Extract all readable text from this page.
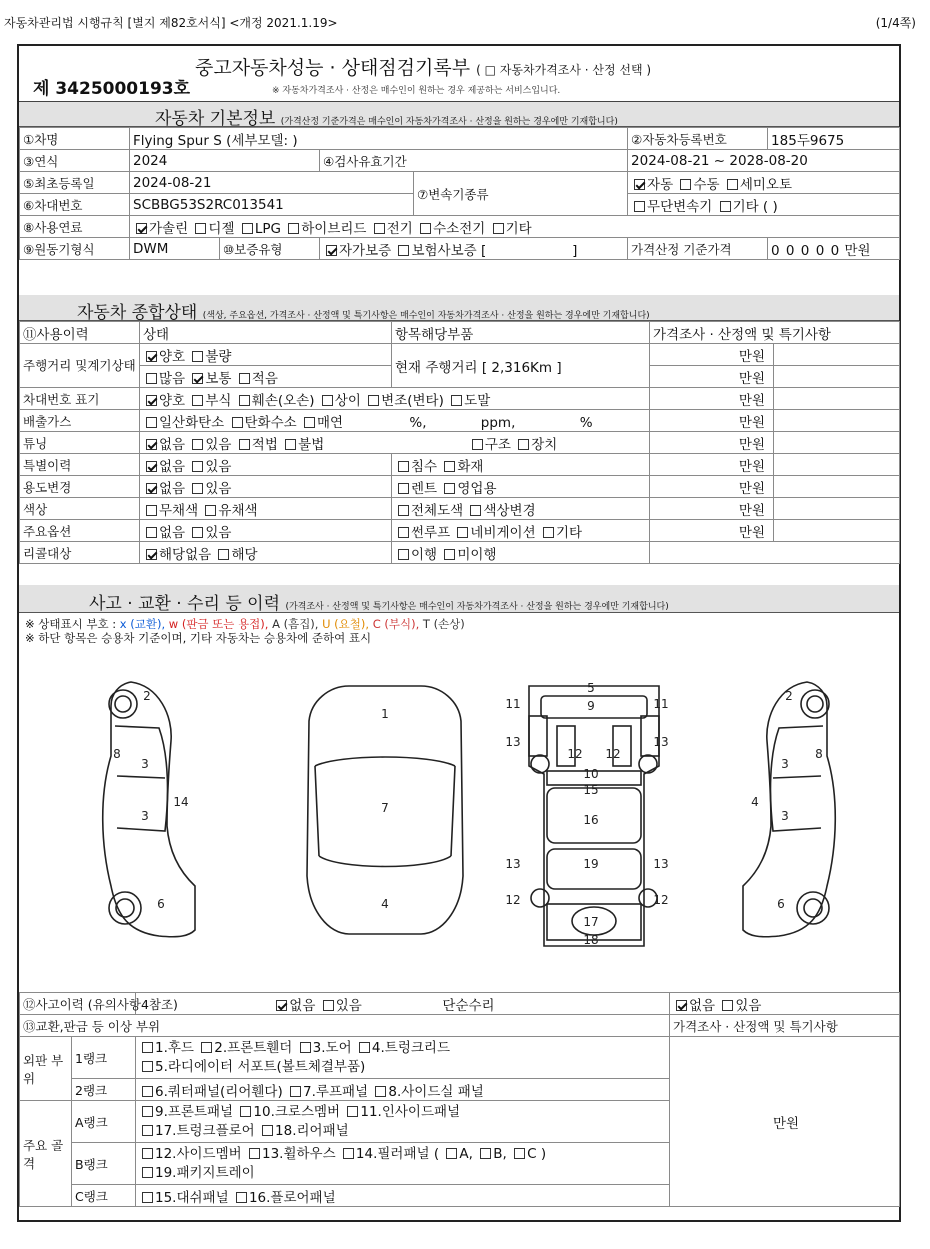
자동차관리법 시행규칙 [별지 제82호서식] <개정 2021.1.19>	(1/4쪽)
제 3425000193호
중고자동차성능 · 상태점검기록부 ( □ 자동차가격조사 · 산정 선택 )
※ 자동차가격조사 · 산정은 매수인이 원하는 경우 제공하는 서비스입니다.
자동차 기본정보 (가격산정 기준가격은 매수인이 자동차가격조사 · 산정을 원하는 경우에만 기재합니다)
①차명	Flying Spur S (세부모델: )				②자동차등록번호	185두9675
③연식	2024		④검사유효기간		2024-08-21 ~ 2028-08-20	
⑤최초등록일	2024-08-21			⑦변속기종류	자동 수동 세미오토	
⑥차대번호	SCBBG53S2RC013541				무단변속기 기타 ( )	
⑧사용연료	가솔린 디젤 LPG 하이브리드 전기 수소전기 기타					
⑨원동기형식	DWM	⑩보증유형	자가보증 보험사보증 [                    ]		가격산정 기준가격	0 0 0 0 0 만원
자동차 종합상태 (색상, 주요옵션, 가격조사 · 산정액 및 특기사항은 매수인이 자동차가격조사 · 산정을 원하는 경우에만 기재합니다)
⑪사용이력	상태	항목해당부품	가격조사 · 산정액 및 특기사항	
주행거리 및계기상태	양호 불량	현재 주행거리 [ 2,316Km ]	만원	
	많음 보통 적음		만원	
차대번호 표기	양호 부식 훼손(오손) 상이 변조(변타) 도말		만원	
배출가스	일산화탄소 탄화수소 매연 %, ppm, %		만원	
튜닝	없음 있음 적법 불법 구조 장치		만원	
특별이력	없음 있음	침수 화재	만원	
용도변경	없음 있음	렌트 영업용	만원	
색상	무채색 유채색	전체도색 색상변경	만원	
주요옵션	없음 있음	썬루프 네비게이션 기타	만원	
리콜대상	해당없음 해당	이행 미이행		
사고 · 교환 · 수리 등 이력 (가격조사 · 산정액 및 특기사항은 매수인이 자동차가격조사 · 산정을 원하는 경우에만 기재합니다)
※ 상태표시 부호 : x (교환), w (판금 또는 용접), A (흠집), U (요철), C (부식), T (손상)
※ 하단 항목은 승용차 기준이며, 기타 자동차는 승용차에 준하여 표시
2
8
3
3
14
6
1
7
4
5
9
11	11
13	13
12 12
10
15
16
13	13
19
12
17
12
18
2
8
3
3
4
6
⑫사고이력 (유의사항4참조)		없음 있음 단순수리	없음 있음
⑬교환,판금 등 이상 부위			가격조사 · 산정액 및 특기사항
외판 부위	1랭크	1.후드 2.프론트휀더 3.도어 4.트렁크리드
5.라디에이터 서포트(볼트체결부품)	만원
	2랭크	6.쿼터패널(리어휀다) 7.루프패널 8.사이드실 패널	
주요 골격	A랭크	9.프론트패널 10.크로스멤버 11.인사이드패널
17.트렁크플로어 18.리어패널	

	B랭크	12.사이드멤버 13.휠하우스 14.필러패널 ( A, B, C )
19.패키지트레이	

	C랭크	15.대쉬패널 16.플로어패널	
